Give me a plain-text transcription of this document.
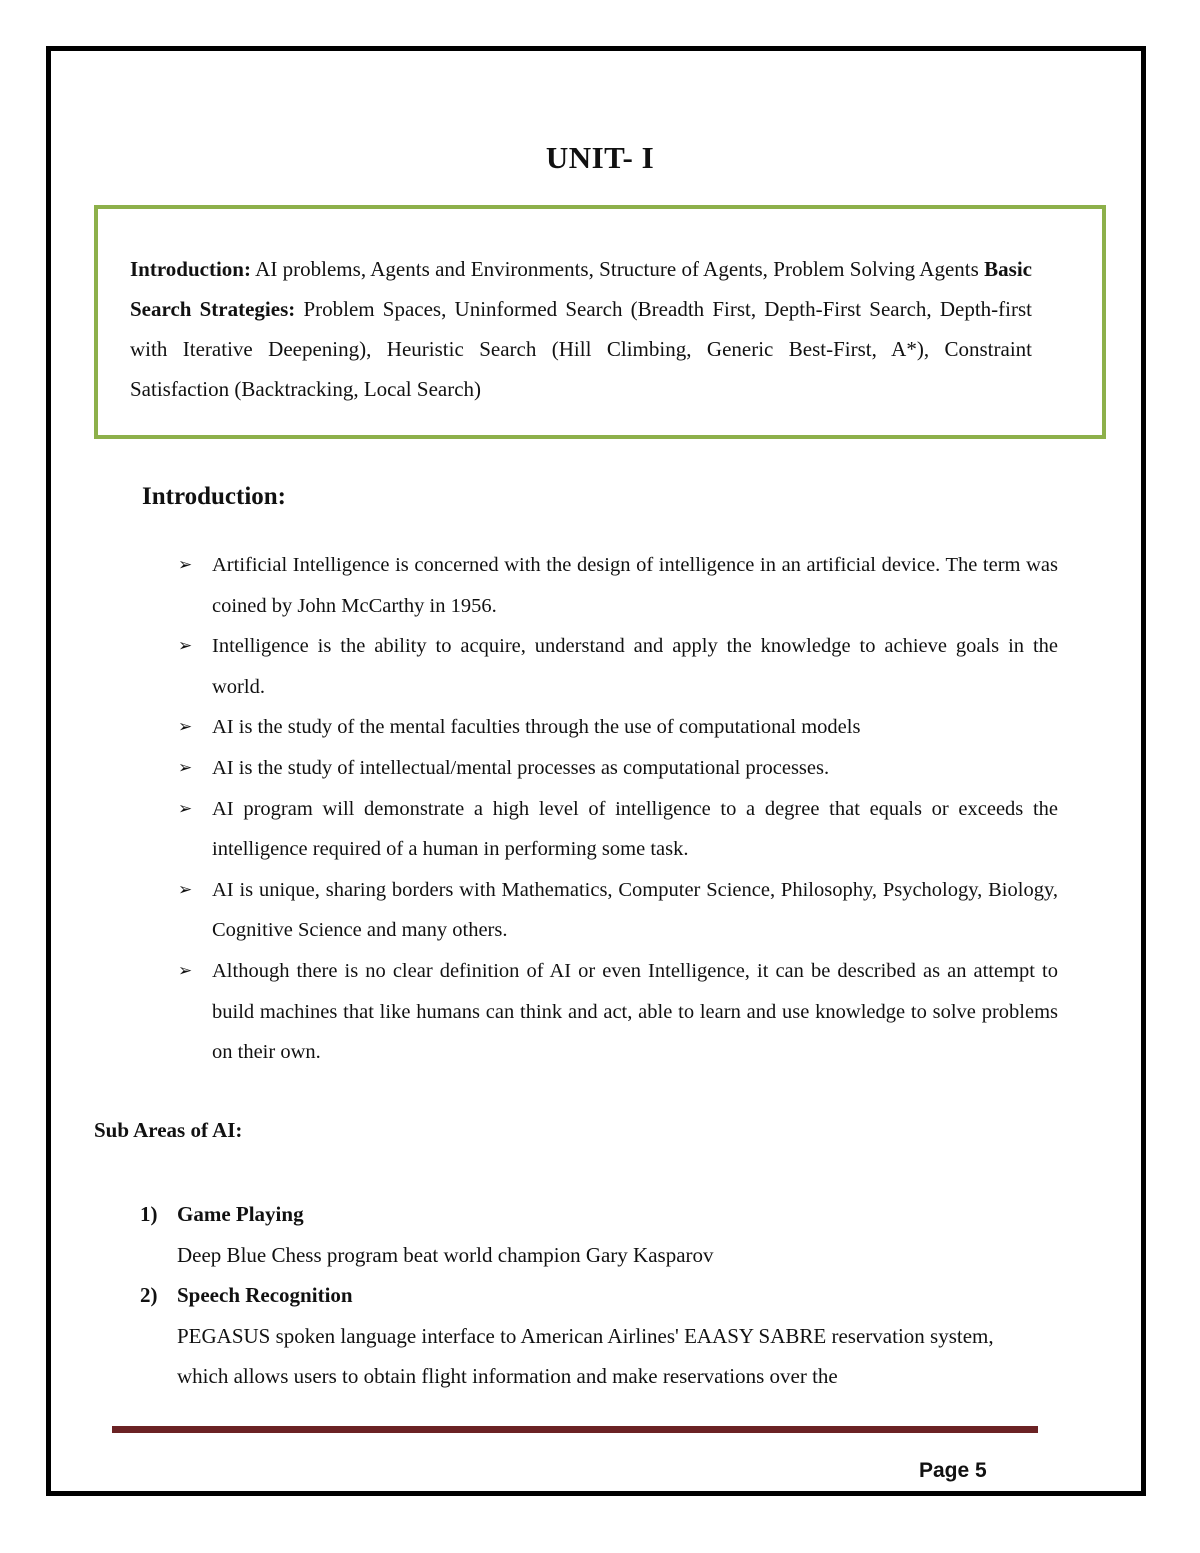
UNIT- I
Introduction: AI problems, Agents and Environments, Structure of Agents, Problem Solving Agents Basic Search Strategies: Problem Spaces, Uninformed Search (Breadth First, Depth-First Search, Depth-first with Iterative Deepening), Heuristic Search (Hill Climbing, Generic Best-First, A*), Constraint Satisfaction (Backtracking, Local Search)
Introduction:
➢ Artificial Intelligence is concerned with the design of intelligence in an artificial device. The term was coined by John McCarthy in 1956.
➢ Intelligence is the ability to acquire, understand and apply the knowledge to achieve goals in the world.
➢ AI is the study of the mental faculties through the use of computational models
➢ AI is the study of intellectual/mental processes as computational processes.
➢ AI program will demonstrate a high level of intelligence to a degree that equals or exceeds the intelligence required of a human in performing some task.
➢ AI is unique, sharing borders with Mathematics, Computer Science, Philosophy, Psychology, Biology, Cognitive Science and many others.
➢ Although there is no clear definition of AI or even Intelligence, it can be described as an attempt to build machines that like humans can think and act, able to learn and use knowledge to solve problems on their own.
Sub Areas of AI:
1) Game Playing
Deep Blue Chess program beat world champion Gary Kasparov
2) Speech Recognition
PEGASUS spoken language interface to American Airlines' EAASY SABRE reservation system, which allows users to obtain flight information and make reservations over the
Page 5
